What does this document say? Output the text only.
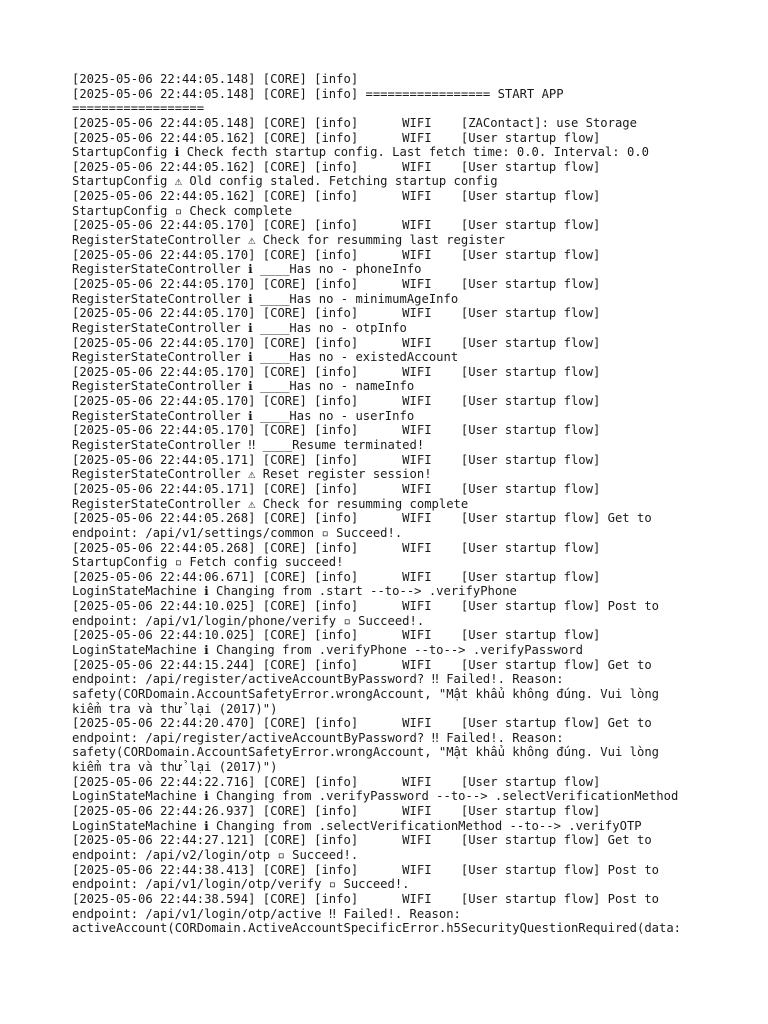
[2025-05-06 22:44:05.148] [CORE] [info]
[2025-05-06 22:44:05.148] [CORE] [info] ================= START APP
==================
[2025-05-06 22:44:05.148] [CORE] [info]      WIFI    [ZAContact]: use Storage
[2025-05-06 22:44:05.162] [CORE] [info]      WIFI    [User startup flow]
StartupConfig ℹ Check fecth startup config. Last fetch time: 0.0. Interval: 0.0
[2025-05-06 22:44:05.162] [CORE] [info]      WIFI    [User startup flow]
StartupConfig ⚠ Old config staled. Fetching startup config
[2025-05-06 22:44:05.162] [CORE] [info]      WIFI    [User startup flow]
StartupConfig ▫ Check complete
[2025-05-06 22:44:05.170] [CORE] [info]      WIFI    [User startup flow]
RegisterStateController ⚠ Check for resumming last register
[2025-05-06 22:44:05.170] [CORE] [info]      WIFI    [User startup flow]
RegisterStateController ℹ ____Has no - phoneInfo
[2025-05-06 22:44:05.170] [CORE] [info]      WIFI    [User startup flow]
RegisterStateController ℹ ____Has no - minimumAgeInfo
[2025-05-06 22:44:05.170] [CORE] [info]      WIFI    [User startup flow]
RegisterStateController ℹ ____Has no - otpInfo
[2025-05-06 22:44:05.170] [CORE] [info]      WIFI    [User startup flow]
RegisterStateController ℹ ____Has no - existedAccount
[2025-05-06 22:44:05.170] [CORE] [info]      WIFI    [User startup flow]
RegisterStateController ℹ ____Has no - nameInfo
[2025-05-06 22:44:05.170] [CORE] [info]      WIFI    [User startup flow]
RegisterStateController ℹ ____Has no - userInfo
[2025-05-06 22:44:05.170] [CORE] [info]      WIFI    [User startup flow]
RegisterStateController ‼ ____Resume terminated!
[2025-05-06 22:44:05.171] [CORE] [info]      WIFI    [User startup flow]
RegisterStateController ⚠ Reset register session!
[2025-05-06 22:44:05.171] [CORE] [info]      WIFI    [User startup flow]
RegisterStateController ⚠ Check for resumming complete
[2025-05-06 22:44:05.268] [CORE] [info]      WIFI    [User startup flow] Get to
endpoint: /api/v1/settings/common ▫ Succeed!.
[2025-05-06 22:44:05.268] [CORE] [info]      WIFI    [User startup flow]
StartupConfig ▫ Fetch config succeed!
[2025-05-06 22:44:06.671] [CORE] [info]      WIFI    [User startup flow]
LoginStateMachine ℹ Changing from .start --to--> .verifyPhone
[2025-05-06 22:44:10.025] [CORE] [info]      WIFI    [User startup flow] Post to
endpoint: /api/v1/login/phone/verify ▫ Succeed!.
[2025-05-06 22:44:10.025] [CORE] [info]      WIFI    [User startup flow]
LoginStateMachine ℹ Changing from .verifyPhone --to--> .verifyPassword
[2025-05-06 22:44:15.244] [CORE] [info]      WIFI    [User startup flow] Get to
endpoint: /api/register/activeAccountByPassword? ‼ Failed!. Reason:
safety(CORDomain.AccountSafetyError.wrongAccount, "Mật khẩu không đúng. Vui lòng
kiểm tra và thử lại (2017)")
[2025-05-06 22:44:20.470] [CORE] [info]      WIFI    [User startup flow] Get to
endpoint: /api/register/activeAccountByPassword? ‼ Failed!. Reason:
safety(CORDomain.AccountSafetyError.wrongAccount, "Mật khẩu không đúng. Vui lòng
kiểm tra và thử lại (2017)")
[2025-05-06 22:44:22.716] [CORE] [info]      WIFI    [User startup flow]
LoginStateMachine ℹ Changing from .verifyPassword --to--> .selectVerificationMethod
[2025-05-06 22:44:26.937] [CORE] [info]      WIFI    [User startup flow]
LoginStateMachine ℹ Changing from .selectVerificationMethod --to--> .verifyOTP
[2025-05-06 22:44:27.121] [CORE] [info]      WIFI    [User startup flow] Get to
endpoint: /api/v2/login/otp ▫ Succeed!.
[2025-05-06 22:44:38.413] [CORE] [info]      WIFI    [User startup flow] Post to
endpoint: /api/v1/login/otp/verify ▫ Succeed!.
[2025-05-06 22:44:38.594] [CORE] [info]      WIFI    [User startup flow] Post to
endpoint: /api/v1/login/otp/active ‼ Failed!. Reason:
activeAccount(CORDomain.ActiveAccountSpecificError.h5SecurityQuestionRequired(data:
